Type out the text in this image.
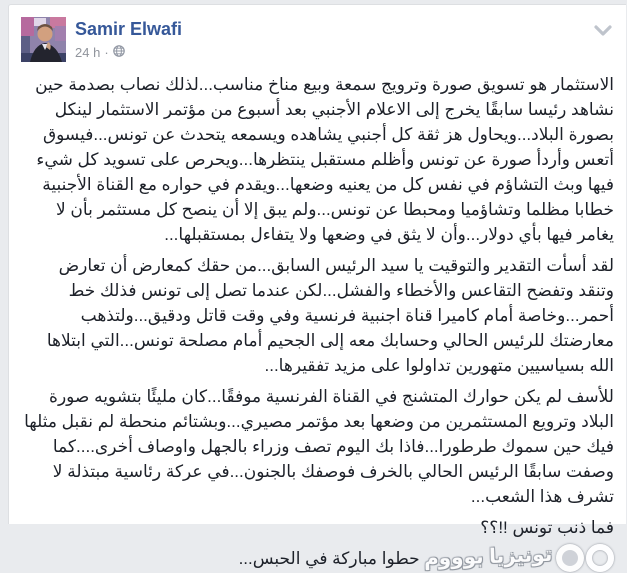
Samir Elwafi
24 h ·

الاستثمار هو تسويق صورة وترويج سمعة وبيع مناخ مناسب...لذلك نصاب بصدمة حين نشاهد رئيسا سابقًا يخرج إلى الاعلام الأجنبي بعد أسبوع من مؤتمر الاستثمار لينكل بصورة البلاد...ويحاول هز ثقة كل أجنبي يشاهده ويسمعه يتحدث عن تونس...فيسوق أتعس وأردأ صورة عن تونس وأظلم مستقبل ينتظرها...ويحرص على تسويد كل شيء فيها وبث التشاؤم في نفس كل من يعنيه وضعها...ويقدم في حواره مع القناة الأجنبية خطابا مظلما وتشاؤميا ومحبطا عن تونس...ولم يبق إلا أن ينصح كل مستثمر بأن لا يغامر فيها بأي دولار...وأن لا يثق في وضعها ولا يتفاءل بمستقبلها...

لقد أسأت التقدير والتوقيت يا سيد الرئيس السابق...من حقك كمعارض أن تعارض وتنقد وتفضح التقاعس والأخطاء والفشل...لكن عندما تصل إلى تونس فذلك خط أحمر...وخاصة أمام كاميرا قناة اجنبية فرنسية وفي وقت قاتل ودقيق...ولتذهب معارضتك للرئيس الحالي وحسابك معه إلى الجحيم أمام مصلحة تونس...التي ابتلاها الله بسياسيين متهورين تداولوا على مزيد تفقيرها...

للأسف لم يكن حوارك المتشنج في القناة الفرنسية موفقًا...كان مليئًا بتشويه صورة البلاد وترويع المستثمرين من وضعها بعد مؤتمر مصيري...وبشتائم منحطة لم نقبل مثلها فيك حين سموك طرطورا...فاذا بك اليوم تصف وزراء بالجهل واوصاف أخرى....كما وصفت سابقًا الرئيس الحالي بالخرف فوصفك بالجنون...في عركة رئاسية مبتذلة لا تشرف هذا الشعب...

فما ذنب تونس !!؟؟

تونيزيا بوووم
حطوا مباركة في الحبس...
